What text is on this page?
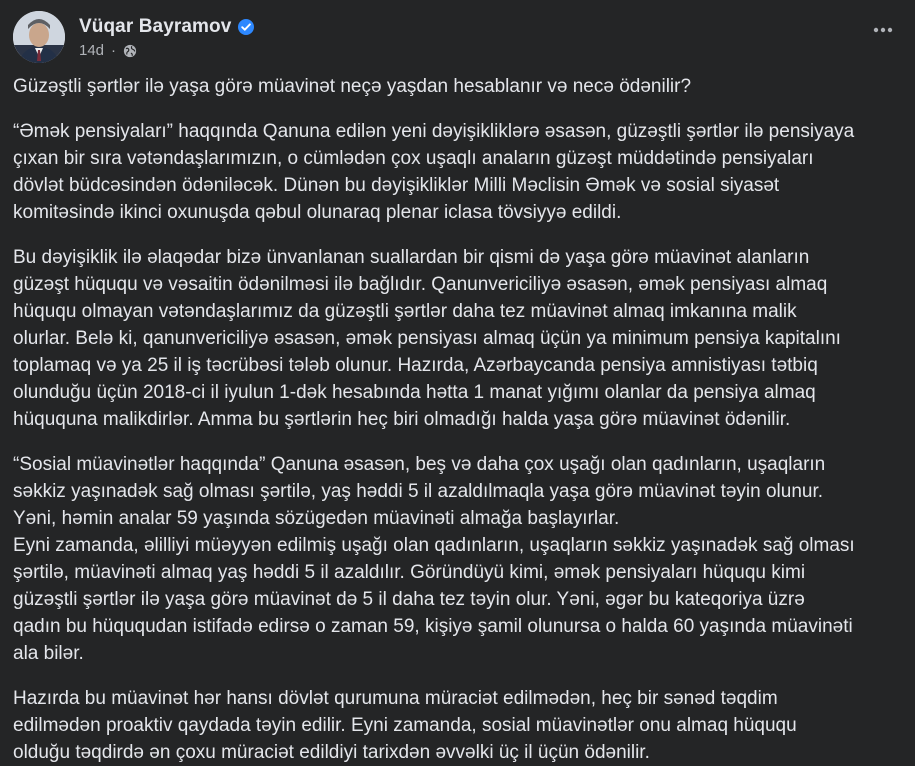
Vüqar Bayramov
14d ·

Güzəştli şərtlər ilə yaşa görə müavinət neçə yaşdan hesablanır və necə ödənilir?

“Əmək pensiyaları” haqqında Qanuna edilən yeni dəyişikliklərə əsasən, güzəştli şərtlər ilə pensiyaya
çıxan bir sıra vətəndaşlarımızın, o cümlədən çox uşaqlı anaların güzəşt müddətində pensiyaları
dövlət büdcəsindən ödəniləcək. Dünən bu dəyişikliklər Milli Məclisin Əmək və sosial siyasət
komitəsində ikinci oxunuşda qəbul olunaraq plenar iclasa tövsiyyə edildi.

Bu dəyişiklik ilə əlaqədar bizə ünvanlanan suallardan bir qismi də yaşa görə müavinət alanların
güzəşt hüququ və vəsaitin ödənilməsi ilə bağlıdır. Qanunvericiliyə əsasən, əmək pensiyası almaq
hüququ olmayan vətəndaşlarımız da güzəştli şərtlər daha tez müavinət almaq imkanına malik
olurlar. Belə ki, qanunvericiliyə əsasən, əmək pensiyası almaq üçün ya minimum pensiya kapitalını
toplamaq və ya 25 il iş təcrübəsi tələb olunur. Hazırda, Azərbaycanda pensiya amnistiyası tətbiq
olunduğu üçün 2018-ci il iyulun 1-dək hesabında hətta 1 manat yığımı olanlar da pensiya almaq
hüququna malikdirlər. Amma bu şərtlərin heç biri olmadığı halda yaşa görə müavinət ödənilir.

“Sosial müavinətlər haqqında” Qanuna əsasən, beş və daha çox uşağı olan qadınların, uşaqların
səkkiz yaşınadək sağ olması şərtilə, yaş həddi 5 il azaldılmaqla yaşa görə müavinət təyin olunur.
Yəni, həmin analar 59 yaşında sözügedən müavinəti almağa başlayırlar.
Eyni zamanda, əlilliyi müəyyən edilmiş uşağı olan qadınların, uşaqların səkkiz yaşınadək sağ olması
şərtilə, müavinəti almaq yaş həddi 5 il azaldılır. Göründüyü kimi, əmək pensiyaları hüququ kimi
güzəştli şərtlər ilə yaşa görə müavinət də 5 il daha tez təyin olur. Yəni, əgər bu kateqoriya üzrə
qadın bu hüququdan istifadə edirsə o zaman 59, kişiyə şamil olunursa o halda 60 yaşında müavinəti
ala bilər.

Hazırda bu müavinət hər hansı dövlət qurumuna müraciət edilmədən, heç bir sənəd təqdim
edilmədən proaktiv qaydada təyin edilir. Eyni zamanda, sosial müavinətlər onu almaq hüququ
olduğu təqdirdə ən çoxu müraciət edildiyi tarixdən əvvəlki üç il üçün ödənilir.
